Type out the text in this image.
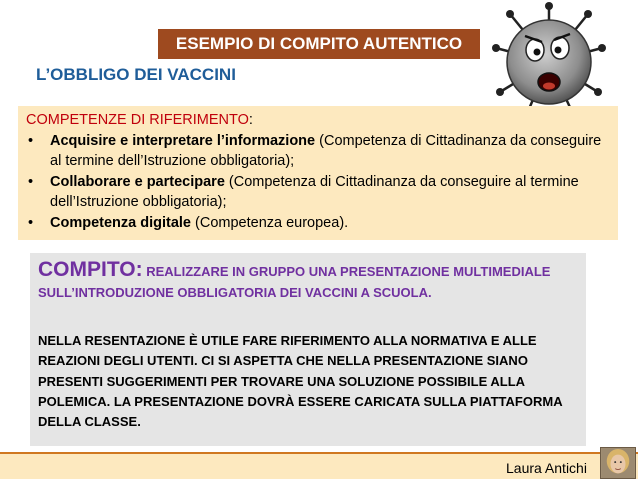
ESEMPIO DI COMPITO AUTENTICO
L’OBBLIGO DEI VACCINI
COMPETENZE DI RIFERIMENTO:
• Acquisire e interpretare l’informazione (Competenza di Cittadinanza da conseguire al termine dell’Istruzione obbligatoria);
• Collaborare e partecipare (Competenza di Cittadinanza da conseguire al termine dell’Istruzione obbligatoria);
• Competenza digitale (Competenza europea).
COMPITO: REALIZZARE IN GRUPPO UNA PRESENTAZIONE MULTIMEDIALE SULL’INTRODUZIONE OBBLIGATORIA DEI VACCINI A SCUOLA.
NELLA RESENTAZIONE È UTILE FARE RIFERIMENTO ALLA NORMATIVA E ALLE REAZIONI DEGLI UTENTI. CI SI ASPETTA CHE NELLA PRESENTAZIONE SIANO PRESENTI SUGGERIMENTI PER TROVARE UNA SOLUZIONE POSSIBILE ALLA POLEMICA. LA PRESENTAZIONE DOVRÀ ESSERE CARICATA SULLA PIATTAFORMA DELLA CLASSE.
Laura Antichi
